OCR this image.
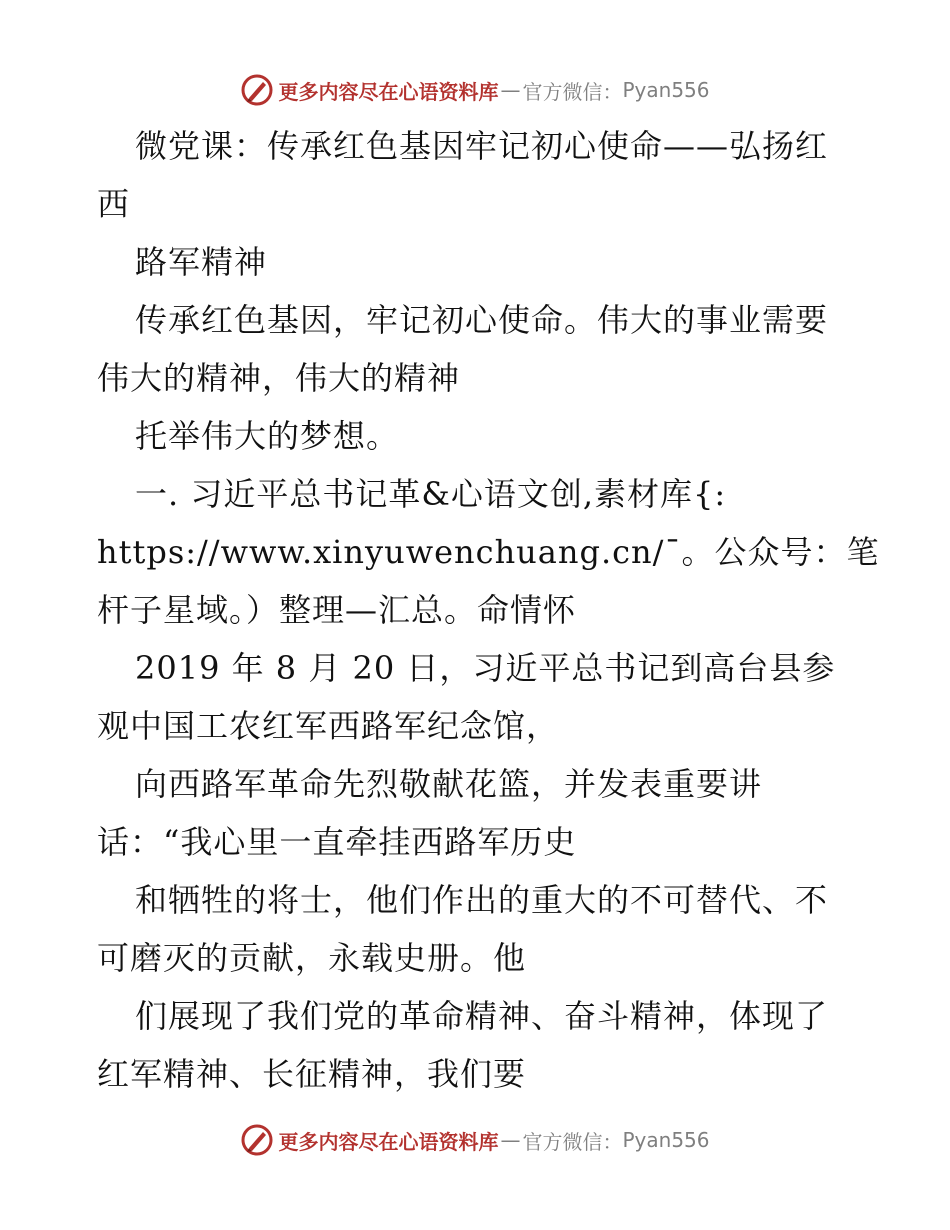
更多内容尽在心语资料库 — 官方微信： Pyan556
微党课：传承红色基因牢记初心使命——弘扬红
西
路军精神
传承红色基因，牢记初心使命。伟大的事业需要
伟大的精神，伟大的精神
托举伟大的梦想。
一. 习近平总书记革&心语文创,素材库{:
https://www.xinyuwenchuang.cn/¯。公众号：笔
杆子星域。）整理—汇总。命情怀
2019 年 8 月 20 日，习近平总书记到高台县参
观中国工农红军西路军纪念馆，
向西路军革命先烈敬献花篮，并发表重要讲
话：“我心里一直牵挂西路军历史
和牺牲的将士，他们作出的重大的不可替代、不
可磨灭的贡献，永载史册。他
们展现了我们党的革命精神、奋斗精神，体现了
红军精神、长征精神，我们要
更多内容尽在心语资料库 — 官方微信： Pyan556
